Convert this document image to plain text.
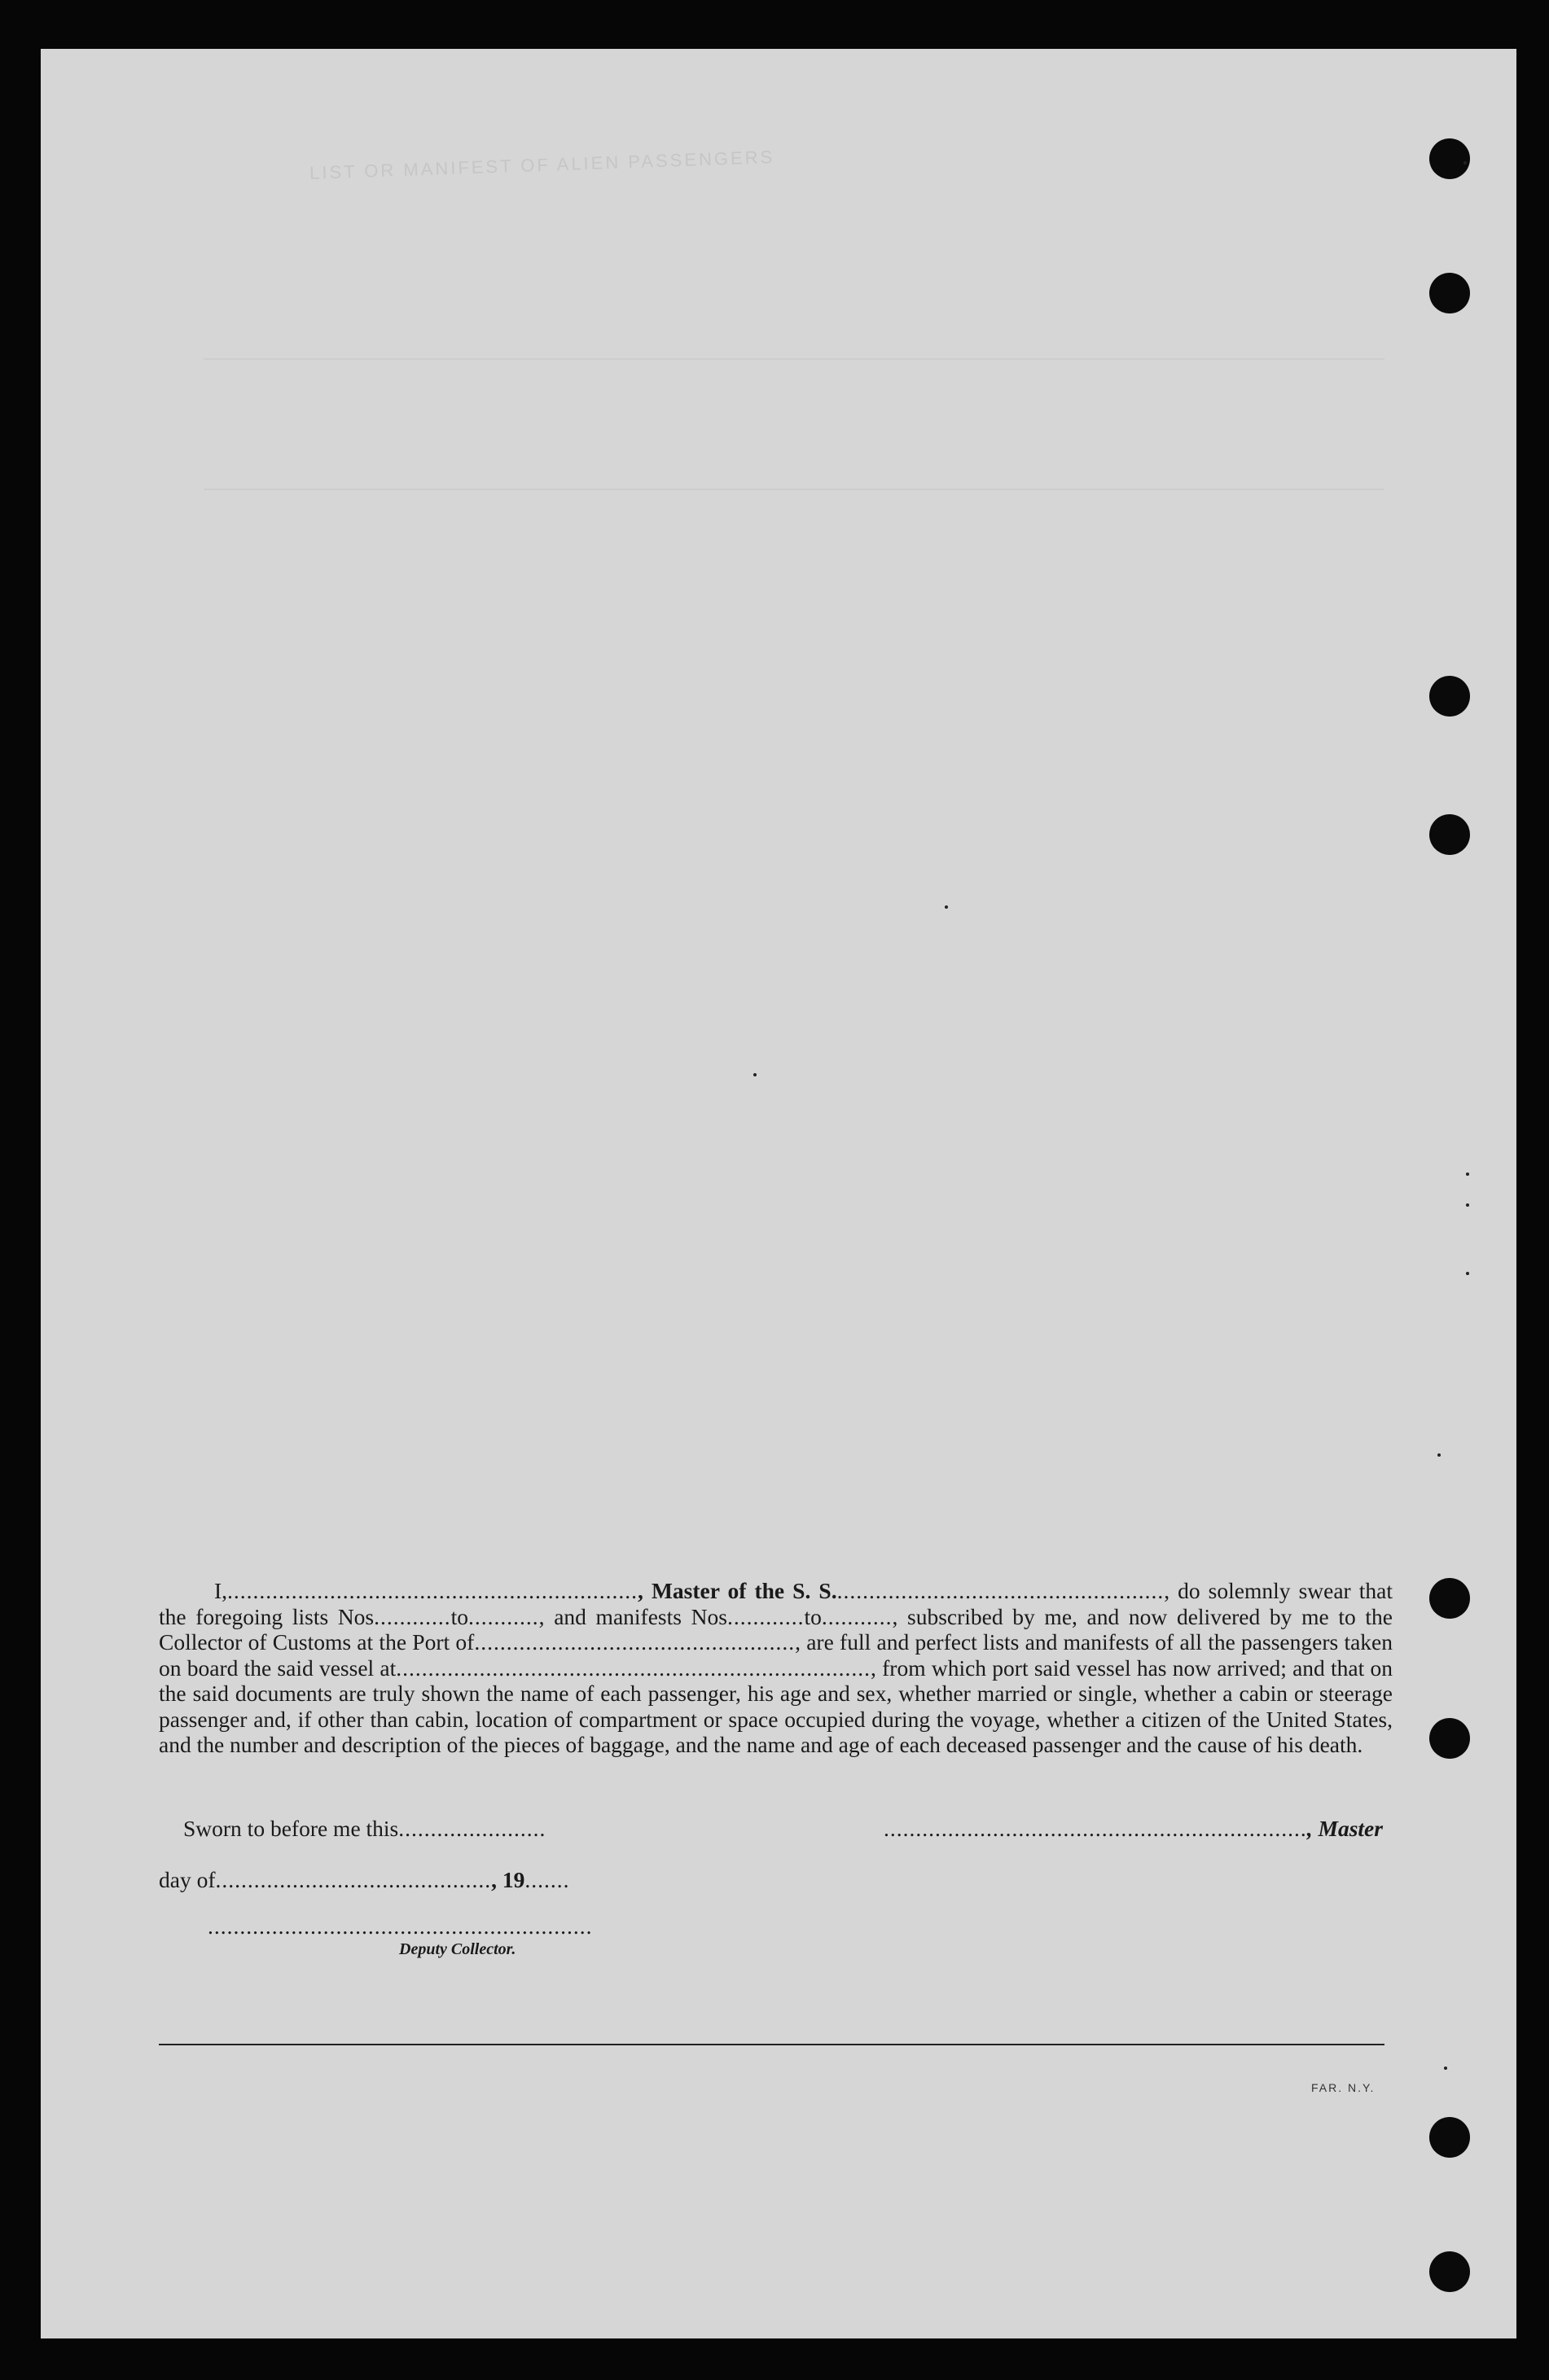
LIST OR MANIFEST OF ALIEN PASSENGERS

I,................................................................, Master of the S. S...................................................., do solemnly swear that the foregoing lists Nos............to..........., and manifests Nos............to..........., subscribed by me, and now delivered by me to the Collector of Customs at the Port of.................................................., are full and perfect lists and manifests of all the passengers taken on board the said vessel at.........................................................................., from which port said vessel has now arrived; and that on the said documents are truly shown the name of each passenger, his age and sex, whether married or single, whether a cabin or steerage passenger and, if other than cabin, location of compartment or space occupied during the voyage, whether a citizen of the United States, and the number and description of the pieces of baggage, and the name and age of each deceased passenger and the cause of his death.

Sworn to before me this.......................	.................................................................., Master
day of..........................................., 19.......
............................................................
Deputy Collector.
FAR. N.Y.
